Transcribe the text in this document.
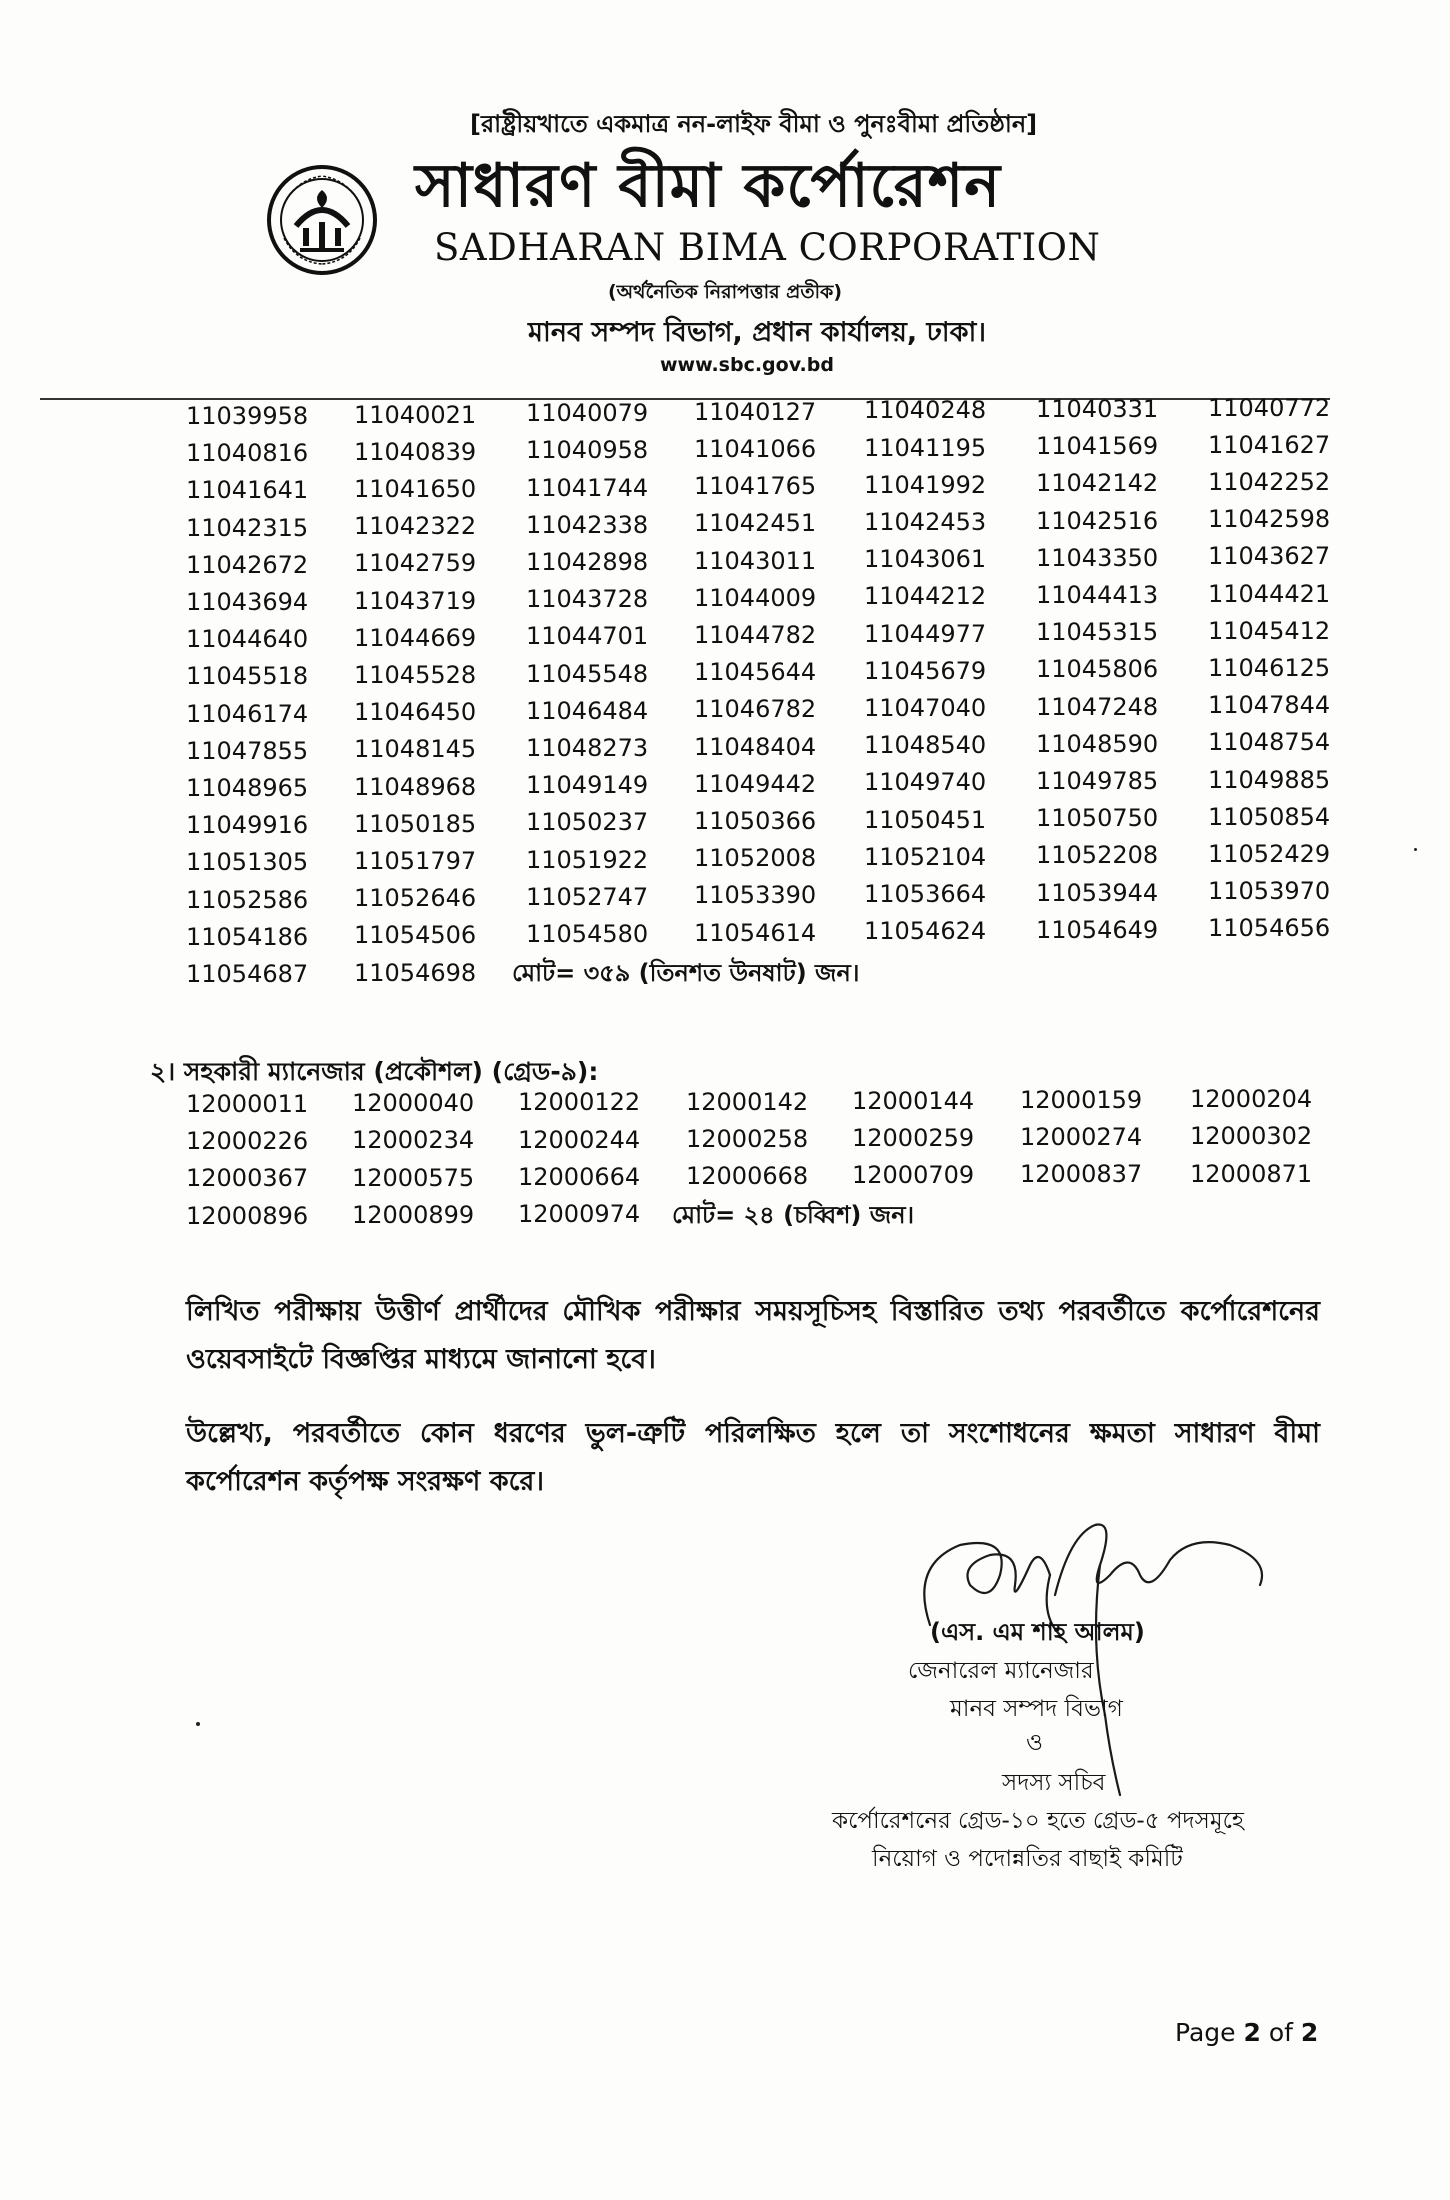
[রাষ্ট্রীয়খাতে একমাত্র নন-লাইফ বীমা ও পুনঃবীমা প্রতিষ্ঠান]
সাধারণ বীমা কর্পোরেশন
SADHARAN BIMA CORPORATION
(অর্থনৈতিক নিরাপত্তার প্রতীক)
মানব সম্পদ বিভাগ, প্রধান কার্যালয়, ঢাকা।
www.sbc.gov.bd
11039958 11040021 11040079 11040127 11040248 11040331 11040772
11040816 11040839 11040958 11041066 11041195 11041569 11041627
11041641 11041650 11041744 11041765 11041992 11042142 11042252
11042315 11042322 11042338 11042451 11042453 11042516 11042598
11042672 11042759 11042898 11043011 11043061 11043350 11043627
11043694 11043719 11043728 11044009 11044212 11044413 11044421
11044640 11044669 11044701 11044782 11044977 11045315 11045412
11045518 11045528 11045548 11045644 11045679 11045806 11046125
11046174 11046450 11046484 11046782 11047040 11047248 11047844
11047855 11048145 11048273 11048404 11048540 11048590 11048754
11048965 11048968 11049149 11049442 11049740 11049785 11049885
11049916 11050185 11050237 11050366 11050451 11050750 11050854
11051305 11051797 11051922 11052008 11052104 11052208 11052429
11052586 11052646 11052747 11053390 11053664 11053944 11053970
11054186 11054506 11054580 11054614 11054624 11054649 11054656
11054687 11054698 মোট= ৩৫৯ (তিনশত উনষাট) জন।
২। সহকারী ম্যানেজার (প্রকৌশল) (গ্রেড-৯):
12000011 12000040 12000122 12000142 12000144 12000159 12000204
12000226 12000234 12000244 12000258 12000259 12000274 12000302
12000367 12000575 12000664 12000668 12000709 12000837 12000871
12000896 12000899 12000974 মোট= ২৪ (চব্বিশ) জন।
লিখিত পরীক্ষায় উত্তীর্ণ প্রার্থীদের মৌখিক পরীক্ষার সময়সূচিসহ বিস্তারিত তথ্য পরবর্তীতে কর্পোরেশনের ওয়েবসাইটে বিজ্ঞপ্তির মাধ্যমে জানানো হবে।
উল্লেখ্য, পরবর্তীতে কোন ধরণের ভুল-ত্রুটি পরিলক্ষিত হলে তা সংশোধনের ক্ষমতা সাধারণ বীমা কর্পোরেশন কর্তৃপক্ষ সংরক্ষণ করে।
(এস. এম শাহ আলম)
জেনারেল ম্যানেজার
মানব সম্পদ বিভাগ
ও
সদস্য সচিব
কর্পোরেশনের গ্রেড-১০ হতে গ্রেড-৫ পদসমূহে
নিয়োগ ও পদোন্নতির বাছাই কমিটি
Page 2 of 2
